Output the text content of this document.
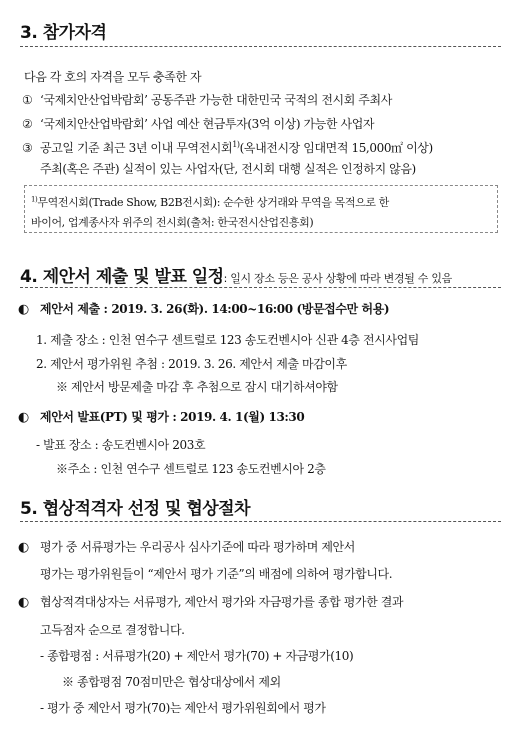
3. 참가자격
다음 각 호의 자격을 모두 충족한 자
① ‘국제치안산업박람회’ 공동주관 가능한 대한민국 국적의 전시회 주최사
② ‘국제치안산업박람회’ 사업 예산 현금투자(3억 이상) 가능한 사업자
③ 공고일 기준 최근 3년 이내 무역전시회$^{1)}$(옥내전시장 임대면적 15,000㎡ 이상)
주최(혹은 주관) 실적이 있는 사업자(단, 전시회 대행 실적은 인정하지 않음)
$^{1)}$무역전시회(Trade Show, B2B전시회): 순수한 상거래와 무역을 목적으로 한
바이어, 업계종사자 위주의 전시회(출처: 한국전시산업진흥회)
4. 제안서 제출 및 발표 일정: 일시 장소 등은 공사 상황에 따라 변경될 수 있음
◐ 제안서 제출 : 2019. 3. 26(화). 14:00~16:00 (방문접수만 허용)
1. 제출 장소 : 인천 연수구 센트럴로 123 송도컨벤시아 신관 4층 전시사업팀
2. 제안서 평가위원 추첨 : 2019. 3. 26. 제안서 제출 마감이후
※ 제안서 방문제출 마감 후 추첨으로 잠시 대기하셔야함
◐ 제안서 발표(PT) 및 평가 : 2019. 4. 1(월) 13:30
- 발표 장소 : 송도컨벤시아 203호
※주소 : 인천 연수구 센트럴로 123 송도컨벤시아 2층
5. 협상적격자 선정 및 협상절차
◐ 평가 중 서류평가는 우리공사 심사기준에 따라 평가하며 제안서
평가는 평가위원들이 “제안서 평가 기준”의 배점에 의하여 평가합니다.
◐ 협상적격대상자는 서류평가, 제안서 평가와 자금평가를 종합 평가한 결과
고득점자 순으로 결정합니다.
- 종합평점 : 서류평가(20) + 제안서 평가(70) + 자금평가(10)
※ 종합평점 70점미만은 협상대상에서 제외
- 평가 중 제안서 평가(70)는 제안서 평가위원회에서 평가
